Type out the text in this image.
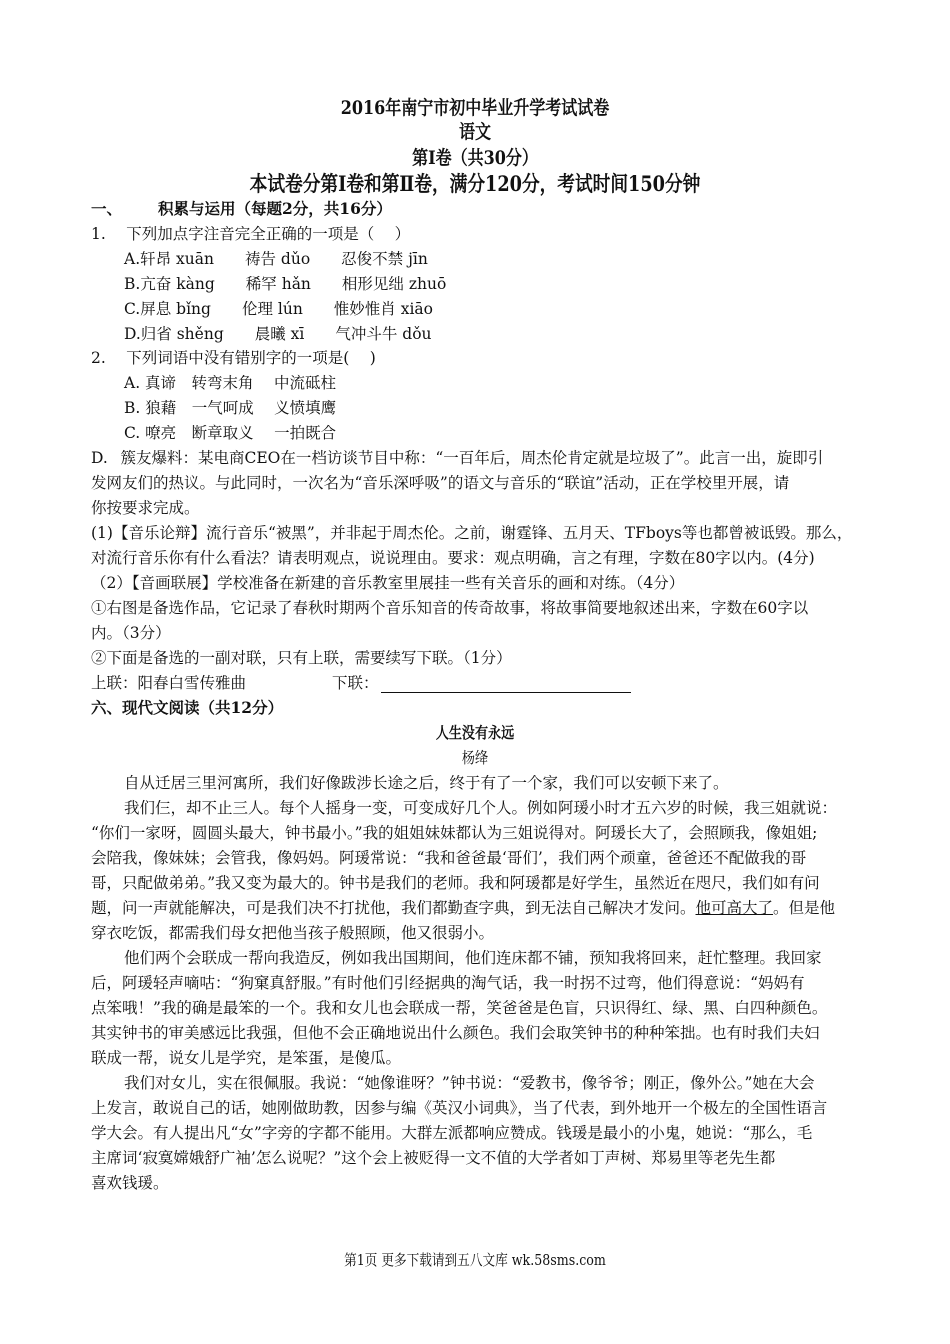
2016年南宁市初中毕业升学考试试卷
语文
第Ⅰ卷（共30分）
本试卷分第Ⅰ卷和第Ⅱ卷，满分120分，考试时间150分钟
一、 积累与运用（每题2分，共16分）
1.  下列加点字注音完全正确的一项是（　 ）
A.轩昂 xuān　　祷告 dǔo　　忍俊不禁 jīn
B.亢奋 kàng　　稀罕 hǎn　　相形见绌 zhuō
C.屏息 bǐng　　伦理 lún　　惟妙惟肖 xiāo
D.归省 shěng　　晨曦 xī　　气冲斗牛 dǒu
2.  下列词语中没有错别字的一项是(　 )
A. 真谛　转弯末角　 中流砥柱
B. 狼藉　一气呵成　 义愤填鹰
C. 嘹亮　断章取义　 一拍既合
D.  簇友爆料：某电商CEO在一档访谈节目中称：“一百年后，周杰伦肯定就是垃圾了”。此言一出，旋即引
发网友们的热议。与此同时，一次名为“音乐深呼吸”的语文与音乐的“联谊”活动，正在学校里开展，请
你按要求完成。
(1)【音乐论辩】流行音乐“被黑”，并非起于周杰伦。之前，谢霆锋、五月天、TFboys等也都曾被诋毁。那么，
对流行音乐你有什么看法？请表明观点，说说理由。要求：观点明确，言之有理，字数在80字以内。(4分)
（2）【音画联展】学校准备在新建的音乐教室里展挂一些有关音乐的画和对练。（4分）
①右图是备选作品，它记录了春秋时期两个音乐知音的传奇故事，将故事简要地叙述出来，字数在60字以
内。（3分）
②下面是备选的一副对联，只有上联，需要续写下联。（1分）
上联：阳春白雪传雅曲	下联：
六、现代文阅读（共12分）
人生没有永远
杨绛
自从迁居三里河寓所，我们好像跋涉长途之后，终于有了一个家，我们可以安顿下来了。
我们仨，却不止三人。每个人摇身一变，可变成好几个人。例如阿瑗小时才五六岁的时候，我三姐就说：
“你们一家呀，圆圆头最大，钟书最小。”我的姐姐妹妹都认为三姐说得对。阿瑗长大了，会照顾我，像姐姐;
会陪我，像妹妹；会管我，像妈妈。阿瑗常说：“我和爸爸最‘哥们’，我们两个顽童，爸爸还不配做我的哥
哥，只配做弟弟。”我又变为最大的。钟书是我们的老师。我和阿瑗都是好学生，虽然近在咫尺，我们如有问
题，问一声就能解决，可是我们决不打扰他，我们都勤查字典，到无法自己解决才发问。他可高大了。但是他
穿衣吃饭，都需我们母女把他当孩子般照顾，他又很弱小。
他们两个会联成一帮向我造反，例如我出国期间，他们连床都不铺，预知我将回来，赶忙整理。我回家
后，阿瑗轻声嘀咕：“狗窠真舒服。”有时他们引经据典的淘气话，我一时拐不过弯，他们得意说：“妈妈有
点笨哦！”我的确是最笨的一个。我和女儿也会联成一帮，笑爸爸是色盲，只识得红、绿、黑、白四种颜色。
其实钟书的审美感远比我强，但他不会正确地说出什么颜色。我们会取笑钟书的种种笨拙。也有时我们夫妇
联成一帮，说女儿是学究，是笨蛋，是傻瓜。
我们对女儿，实在很佩服。我说：“她像谁呀？”钟书说：“爱教书，像爷爷；刚正，像外公。”她在大会
上发言，敢说自己的话，她刚做助教，因参与编《英汉小词典》，当了代表，到外地开一个极左的全国性语言
学大会。有人提出凡“女”字旁的字都不能用。大群左派都响应赞成。钱瑗是最小的小鬼，她说：“那么，毛
主席词‘寂寞嫦娥舒广袖’怎么说呢？”这个会上被贬得一文不值的大学者如丁声树、郑易里等老先生都
喜欢钱瑗。
第1页 更多下载请到五八文库 wk.58sms.com
